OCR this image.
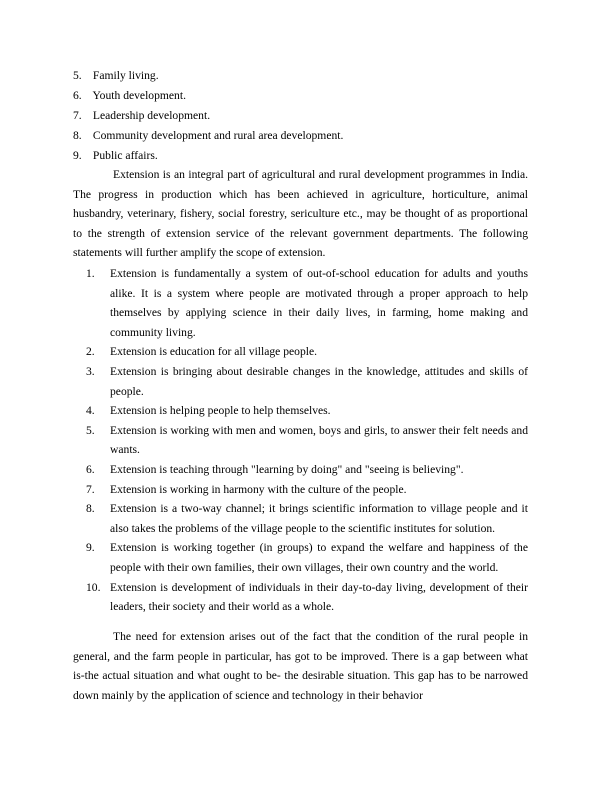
5. Family living.
6. Youth development.
7. Leadership development.
8. Community development and rural area development.
9. Public affairs.

Extension is an integral part of agricultural and rural development programmes in India. The progress in production which has been achieved in agriculture, horticulture, animal husbandry, veterinary, fishery, social forestry, sericulture etc., may be thought of as proportional to the strength of extension service of the relevant government departments. The following statements will further amplify the scope of extension.

1.	Extension is fundamentally a system of out-of-school education for adults and youths alike. It is a system where people are motivated through a proper approach to help themselves by applying science in their daily lives, in farming, home making and community living.
2.	Extension is education for all village people.
3.	Extension is bringing about desirable changes in the knowledge, attitudes and skills of people.
4.	Extension is helping people to help themselves.
5.	Extension is working with men and women, boys and girls, to answer their felt needs and wants.
6.	Extension is teaching through "learning by doing" and "seeing is believing".
7.	Extension is working in harmony with the culture of the people.
8.	Extension is a two-way channel; it brings scientific information to village people and it also takes the problems of the village people to the scientific institutes for solution.
9.	Extension is working together (in groups) to expand the welfare and happiness of the people with their own families, their own villages, their own country and the world.
10. Extension is development of individuals in their day-to-day living, development of their leaders, their society and their world as a whole.

The need for extension arises out of the fact that the condition of the rural people in general, and the farm people in particular, has got to be improved. There is a gap between what is-the actual situation and what ought to be- the desirable situation. This gap has to be narrowed down mainly by the application of science and technology in their behavior
